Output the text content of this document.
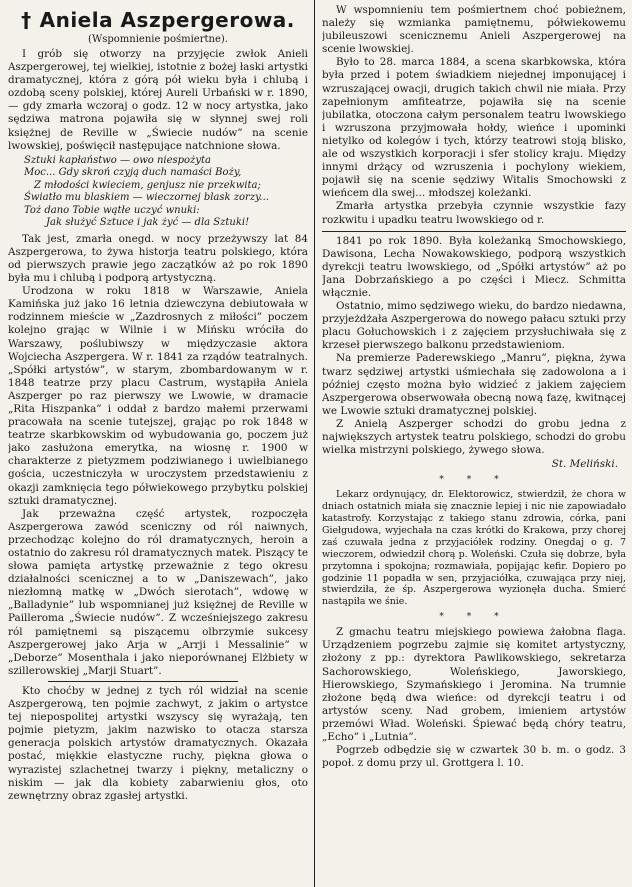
† Aniela Aszpergerowa.
(Wspomnienie pośmiertne).

I grób się otworzy na przyjęcie zwłok Anieli Aszpergerowej, tej wielkiej, istotnie z bożej łaski artystki dramatycznej, która z górą pół wieku była i chlubą i ozdobą sceny polskiej, której Aureli Urbański w r. 1890, — gdy zmarła wczoraj o godz. 12 w nocy artystka, jako sędziwa matrona pojawiła się w słynnej swej roli księżnej de Reville w „Świecie nudów” na scenie lwowskiej, poświęcił następujące natchnione słowa.

Sztuki kapłaństwo — owo niespożyta
Moc... Gdy skroń czyją duch namaści Boży,
Z młodości kwieciem, genjusz nie przekwita;
Światło mu blaskiem — wieczornej blask zorzy...
Toż dano Tobie wątłe uczyć wnuki:
Jak służyć Sztuce i jak żyć — dla Sztuki!

Tak jest, zmarła onegd. w nocy przeżywszy lat 84 Aszpergerowa, to żywa historja teatru polskiego, która od pierwszych prawie jego zaczątków aż po rok 1890 była mu i chlubą i podporą artystyczną.

Urodzona w roku 1818 w Warszawie, Aniela Kamińska już jako 16 letnia dziewczyna debiutowała w rodzinnem mieście w „Zazdrosnych z miłości” poczem kolejno grając w Wilnie i w Mińsku wróciła do Warszawy, poślubiwszy w międzyczasie aktora Wojciecha Aszpergera. W r. 1841 za rządów teatralnych. „Spółki artystów”, w starym, zbombardowanym w r. 1848 teatrze przy placu Castrum, wystąpiła Aniela Aszperger po raz pierwszy we Lwowie, w dramacie „Rita Hiszpanka” i oddał z bardzo małemi przerwami pracowała na scenie tutejszej, grając po rok 1848 w teatrze skarbkowskim od wybudowania go, poczem już jako zasłużona emerytka, na wiosnę r. 1900 w charakterze z pietyzmem podziwianego i uwielbianego gościa, uczestniczyła w uroczystem przedstawieniu z okazji zamknięcia tego półwiekowego przybytku polskiej sztuki dramatycznej.

Jak przeważna część artystek, rozpoczęła Aszpergerowa zawód sceniczny od ról naiwnych, przechodząc kolejno do ról dramatycznych, heroin a ostatnio do zakresu ról dramatycznych matek. Piszący te słowa pamięta artystkę przeważnie z tego okresu działalności scenicznej a to w „Daniszewach”, jako niezłomną matkę w „Dwóch sierotach”, wdowę w „Balladynie” lub wspomnianej już księżnej de Reville w Pailleroma „Świecie nudów”. Z wcześniejszego zakresu ról pamiętnemi są piszącemu olbrzymie sukcesy Aszpergerowej jako Arja w „Arrji i Messalinie” w „Deborze” Mosenthala i jako nieporównanej Elżbiety w szillerowskiej „Marji Stuart”.

Kto choćby w jednej z tych ról widział na scenie Aszpergerową, ten pojmie zachwyt, z jakim o artystce tej niepospolitej artystki wszyscy się wyrażają, ten pojmie pietyzm, jakim nazwisko to otacza starsza generacja polskich artystów dramatycznych. Okazała postać, miękkie elastyczne ruchy, piękna głowa o wyrazistej szlachetnej twarzy i piękny, metaliczny o niskim — jak dla kobiety zabarwieniu głos, oto zewnętrzny obraz zgasłej artystki.

W wspomnieniu tem pośmiertnem choć pobieżnem, należy się wzmianka pamiętnemu, półwiekowemu jubileuszowi scenicznemu Anieli Aszpergerowej na scenie lwowskiej.

Było to 28. marca 1884, a scena skarbkowska, która była przed i potem świadkiem niejednej imponującej i wzruszającej owacji, drugich takich chwil nie miała. Przy zapełnionym amfiteatrze, pojawiła się na scenie jubilatka, otoczona całym personalem teatru lwowskiego i wzruszona przyjmowała hołdy, wieńce i upominki nietylko od kolegów i tych, którzy teatrowi stoją blisko, ale od wszystkich korporacji i sfer stolicy kraju. Między innymi drżący od wzruszenia i pochylony wiekiem, pojawił się na scenie sędziwy Witalis Smochowski z wieńcem dla swej... młodszej koleżanki.

Zmarła artystka przebyła czynnie wszystkie fazy rozkwitu i upadku teatru lwowskiego od r.

1841 po rok 1890. Była koleżanką Smochowskiego, Dawisona, Lecha Nowakowskiego, podporą wszystkich dyrekcji teatru lwowskiego, od „Spółki artystów” aż po Jana Dobrzańskiego a po części i Miecz. Schmitta włącznie.

Ostatnio, mimo sędziwego wieku, do bardzo niedawna, przyjeżdżała Aszpergerowa do nowego pałacu sztuki przy placu Gołuchowskich i z zajęciem przysłuchiwała się z krzeseł pierwszego balkonu przedstawieniom.

Na premierze Paderewskiego „Manru”, piękna, żywa twarz sędziwej artystki uśmiechała się zadowolona a i później często można było widzieć z jakiem zajęciem Aszpergerowa obserwowała obecną nową fazę, kwitnącej we Lwowie sztuki dramatycznej polskiej.

Z Anielą Aszperger schodzi do grobu jedna z największych artystek teatru polskiego, schodzi do grobu wielka mistrzyni polskiego, żywego słowa.

St. Meliński.
* * *

Lekarz ordynujący, dr. Elektorowicz, stwierdził, że chora w dniach ostatnich miała się znacznie lepiej i nic nie zapowiadało katastrofy. Korzystając z takiego stanu zdrowia, córka, pani Giełgudowa, wyjechała na czas krótki do Krakowa, przy chorej zaś czuwała jedna z przyjaciółek rodziny. Onegdaj o g. 7 wieczorem, odwiedził chorą p. Woleński. Czuła się dobrze, była przytomna i spokojna; rozmawiała, popijając kefir. Dopiero po godzinie 11 popadła w sen, przyjaciółka, czuwająca przy niej, stwierdziła, że śp. Aszpergerowa wyzionęła ducha. Śmierć nastąpiła we śnie.

* * *

Z gmachu teatru miejskiego powiewa żałobna flaga. Urządzeniem pogrzebu zajmie się komitet artystyczny, złożony z pp.: dyrektora Pawlikowskiego, sekretarza Sachorowskiego, Woleńskiego, Jaworskiego, Hierowskiego, Szymańskiego i Jeromina. Na trumnie złożone będą dwa wieńce: od dyrekcji teatru i od artystów sceny. Nad grobem, imieniem artystów przemówi Wład. Woleński. Śpiewać będą chóry teatru, „Echo” i „Lutnia”.

Pogrzeb odbędzie się w czwartek 30 b. m. o godz. 3 popoł. z domu przy ul. Grottgera l. 10.
